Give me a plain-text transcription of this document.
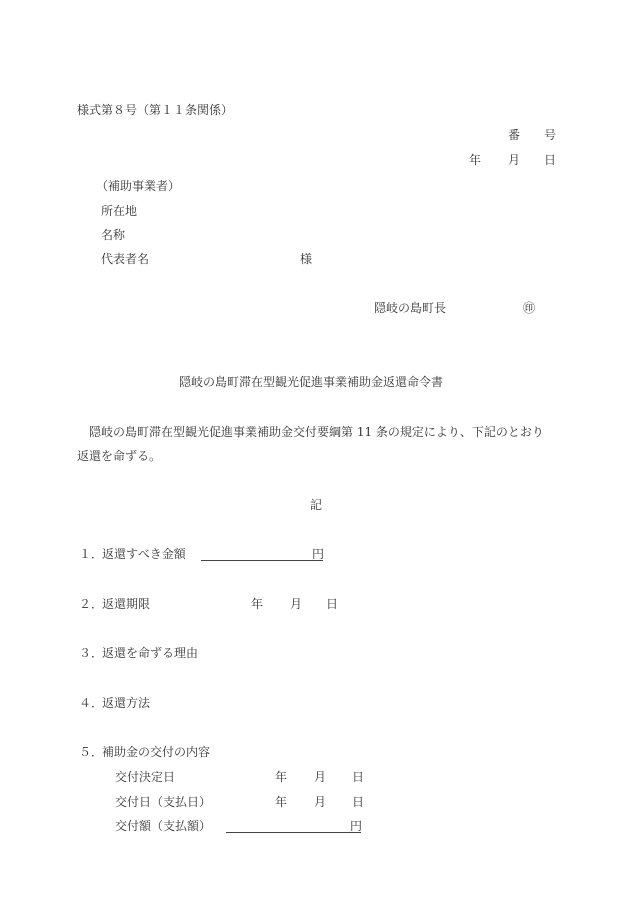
様式第８号（第１１条関係）
番 号
年 月 日
（補助事業者）
所在地
名称
代表者名	様
隠岐の島町長	㊞
隠岐の島町滞在型観光促進事業補助金返還命令書
隠岐の島町滞在型観光促進事業補助金交付要綱第 11 条の規定により、下記のとおり
返還を命ずる。
記
１．
返還すべき金額	円
２．
返還期限	年 月 日
３．
返還を命ずる理由
４．
返還方法
５．
補助金の交付の内容
交付決定日	年 月 日
交付日（支払日）	年 月 日
交付額（支払額）	円
